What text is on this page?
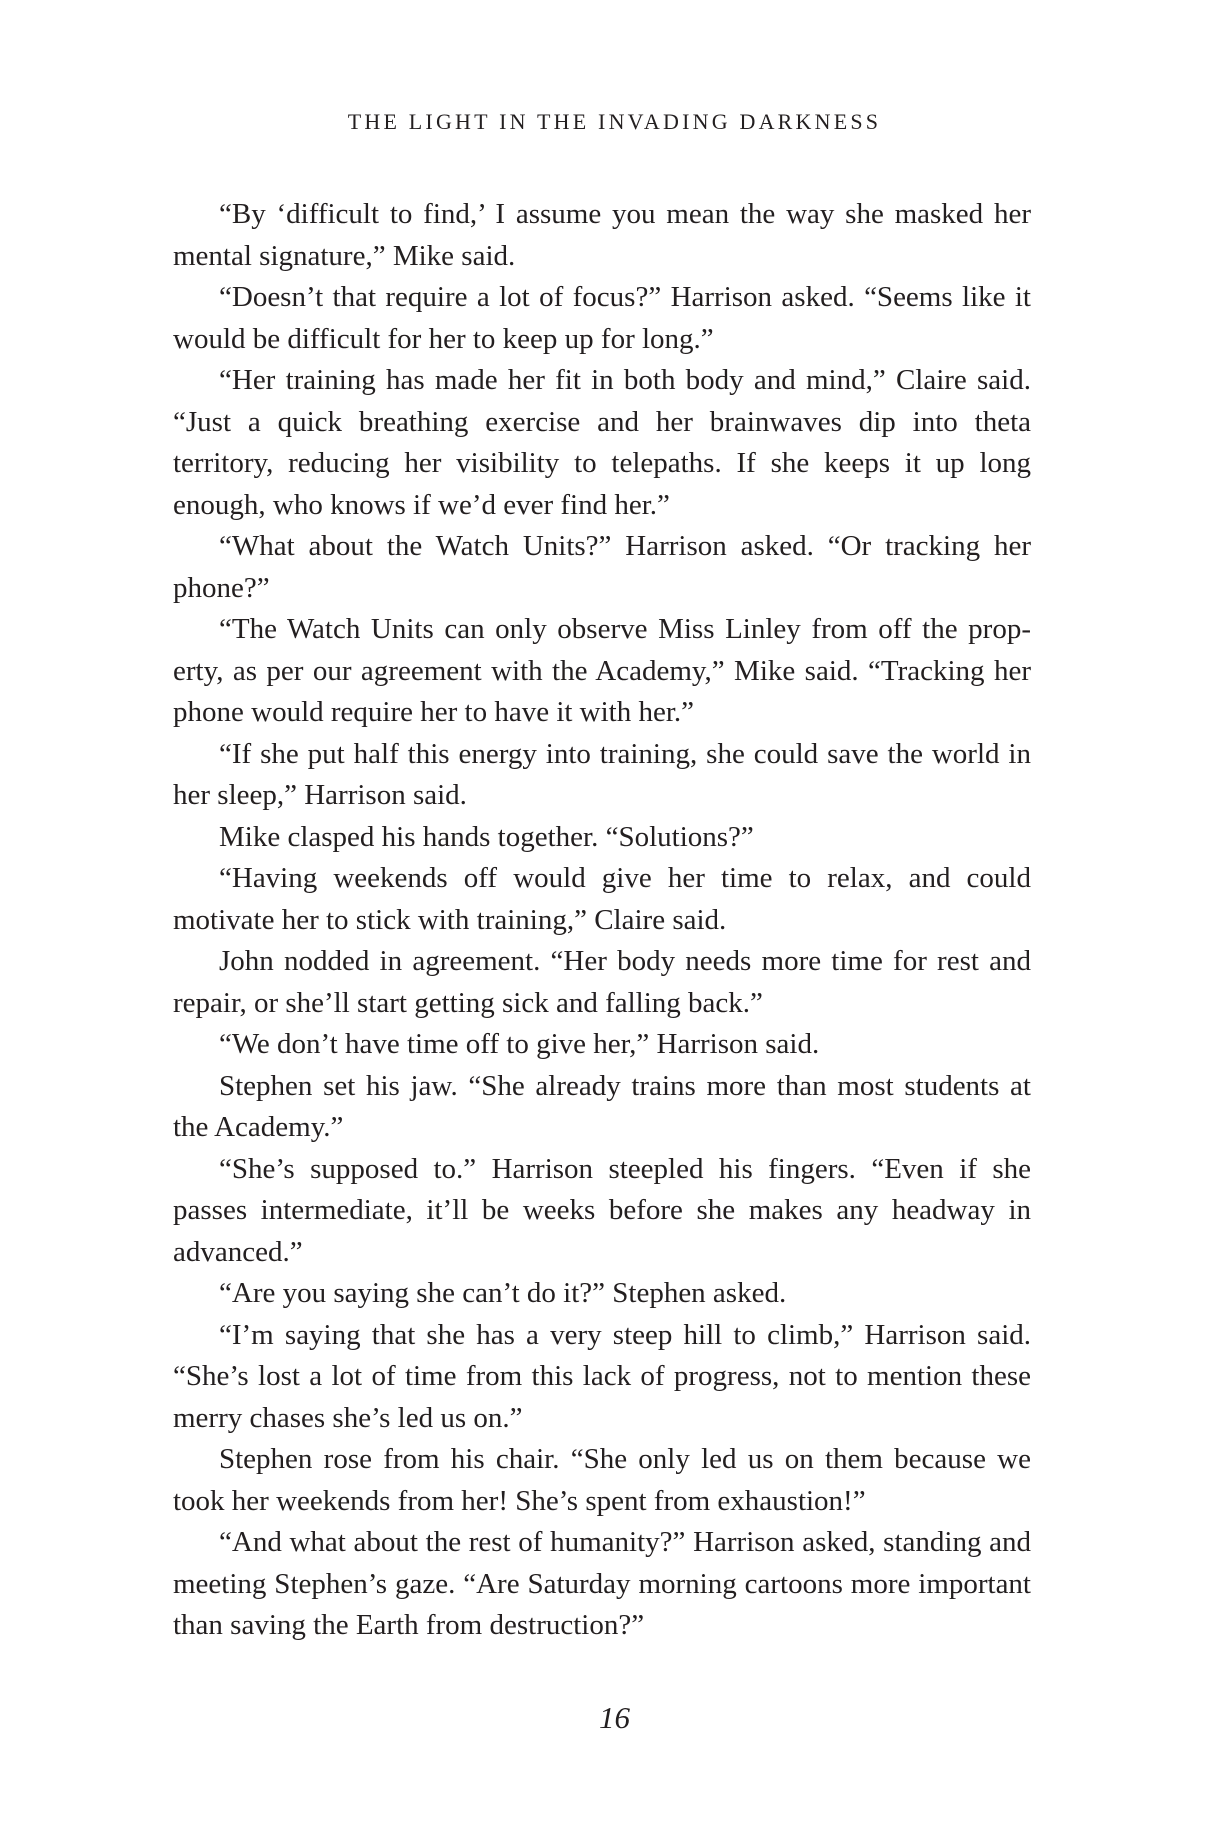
THE LIGHT IN THE INVADING DARKNESS

“By ‘difficult to find,’ I assume you mean the way she masked her mental signature,” Mike said.

“Doesn’t that require a lot of focus?” Harrison asked. “Seems like it would be difficult for her to keep up for long.”

“Her training has made her fit in both body and mind,” Claire said. “Just a quick breathing exercise and her brainwaves dip into theta territory, reducing her visibility to telepaths. If she keeps it up long enough, who knows if we’d ever find her.”

“What about the Watch Units?” Harrison asked. “Or tracking her phone?”

“The Watch Units can only observe Miss Linley from off the property, as per our agreement with the Academy,” Mike said. “Tracking her phone would require her to have it with her.”

“If she put half this energy into training, she could save the world in her sleep,” Harrison said.

Mike clasped his hands together. “Solutions?”

“Having weekends off would give her time to relax, and could motivate her to stick with training,” Claire said.

John nodded in agreement. “Her body needs more time for rest and repair, or she’ll start getting sick and falling back.”

“We don’t have time off to give her,” Harrison said.

Stephen set his jaw. “She already trains more than most students at the Academy.”

“She’s supposed to.” Harrison steepled his fingers. “Even if she passes intermediate, it’ll be weeks before she makes any headway in advanced.”

“Are you saying she can’t do it?” Stephen asked.

“I’m saying that she has a very steep hill to climb,” Harrison said. “She’s lost a lot of time from this lack of progress, not to mention these merry chases she’s led us on.”

Stephen rose from his chair. “She only led us on them because we took her weekends from her! She’s spent from exhaustion!”

“And what about the rest of humanity?” Harrison asked, standing and meeting Stephen’s gaze. “Are Saturday morning cartoons more important than saving the Earth from destruction?”

16
